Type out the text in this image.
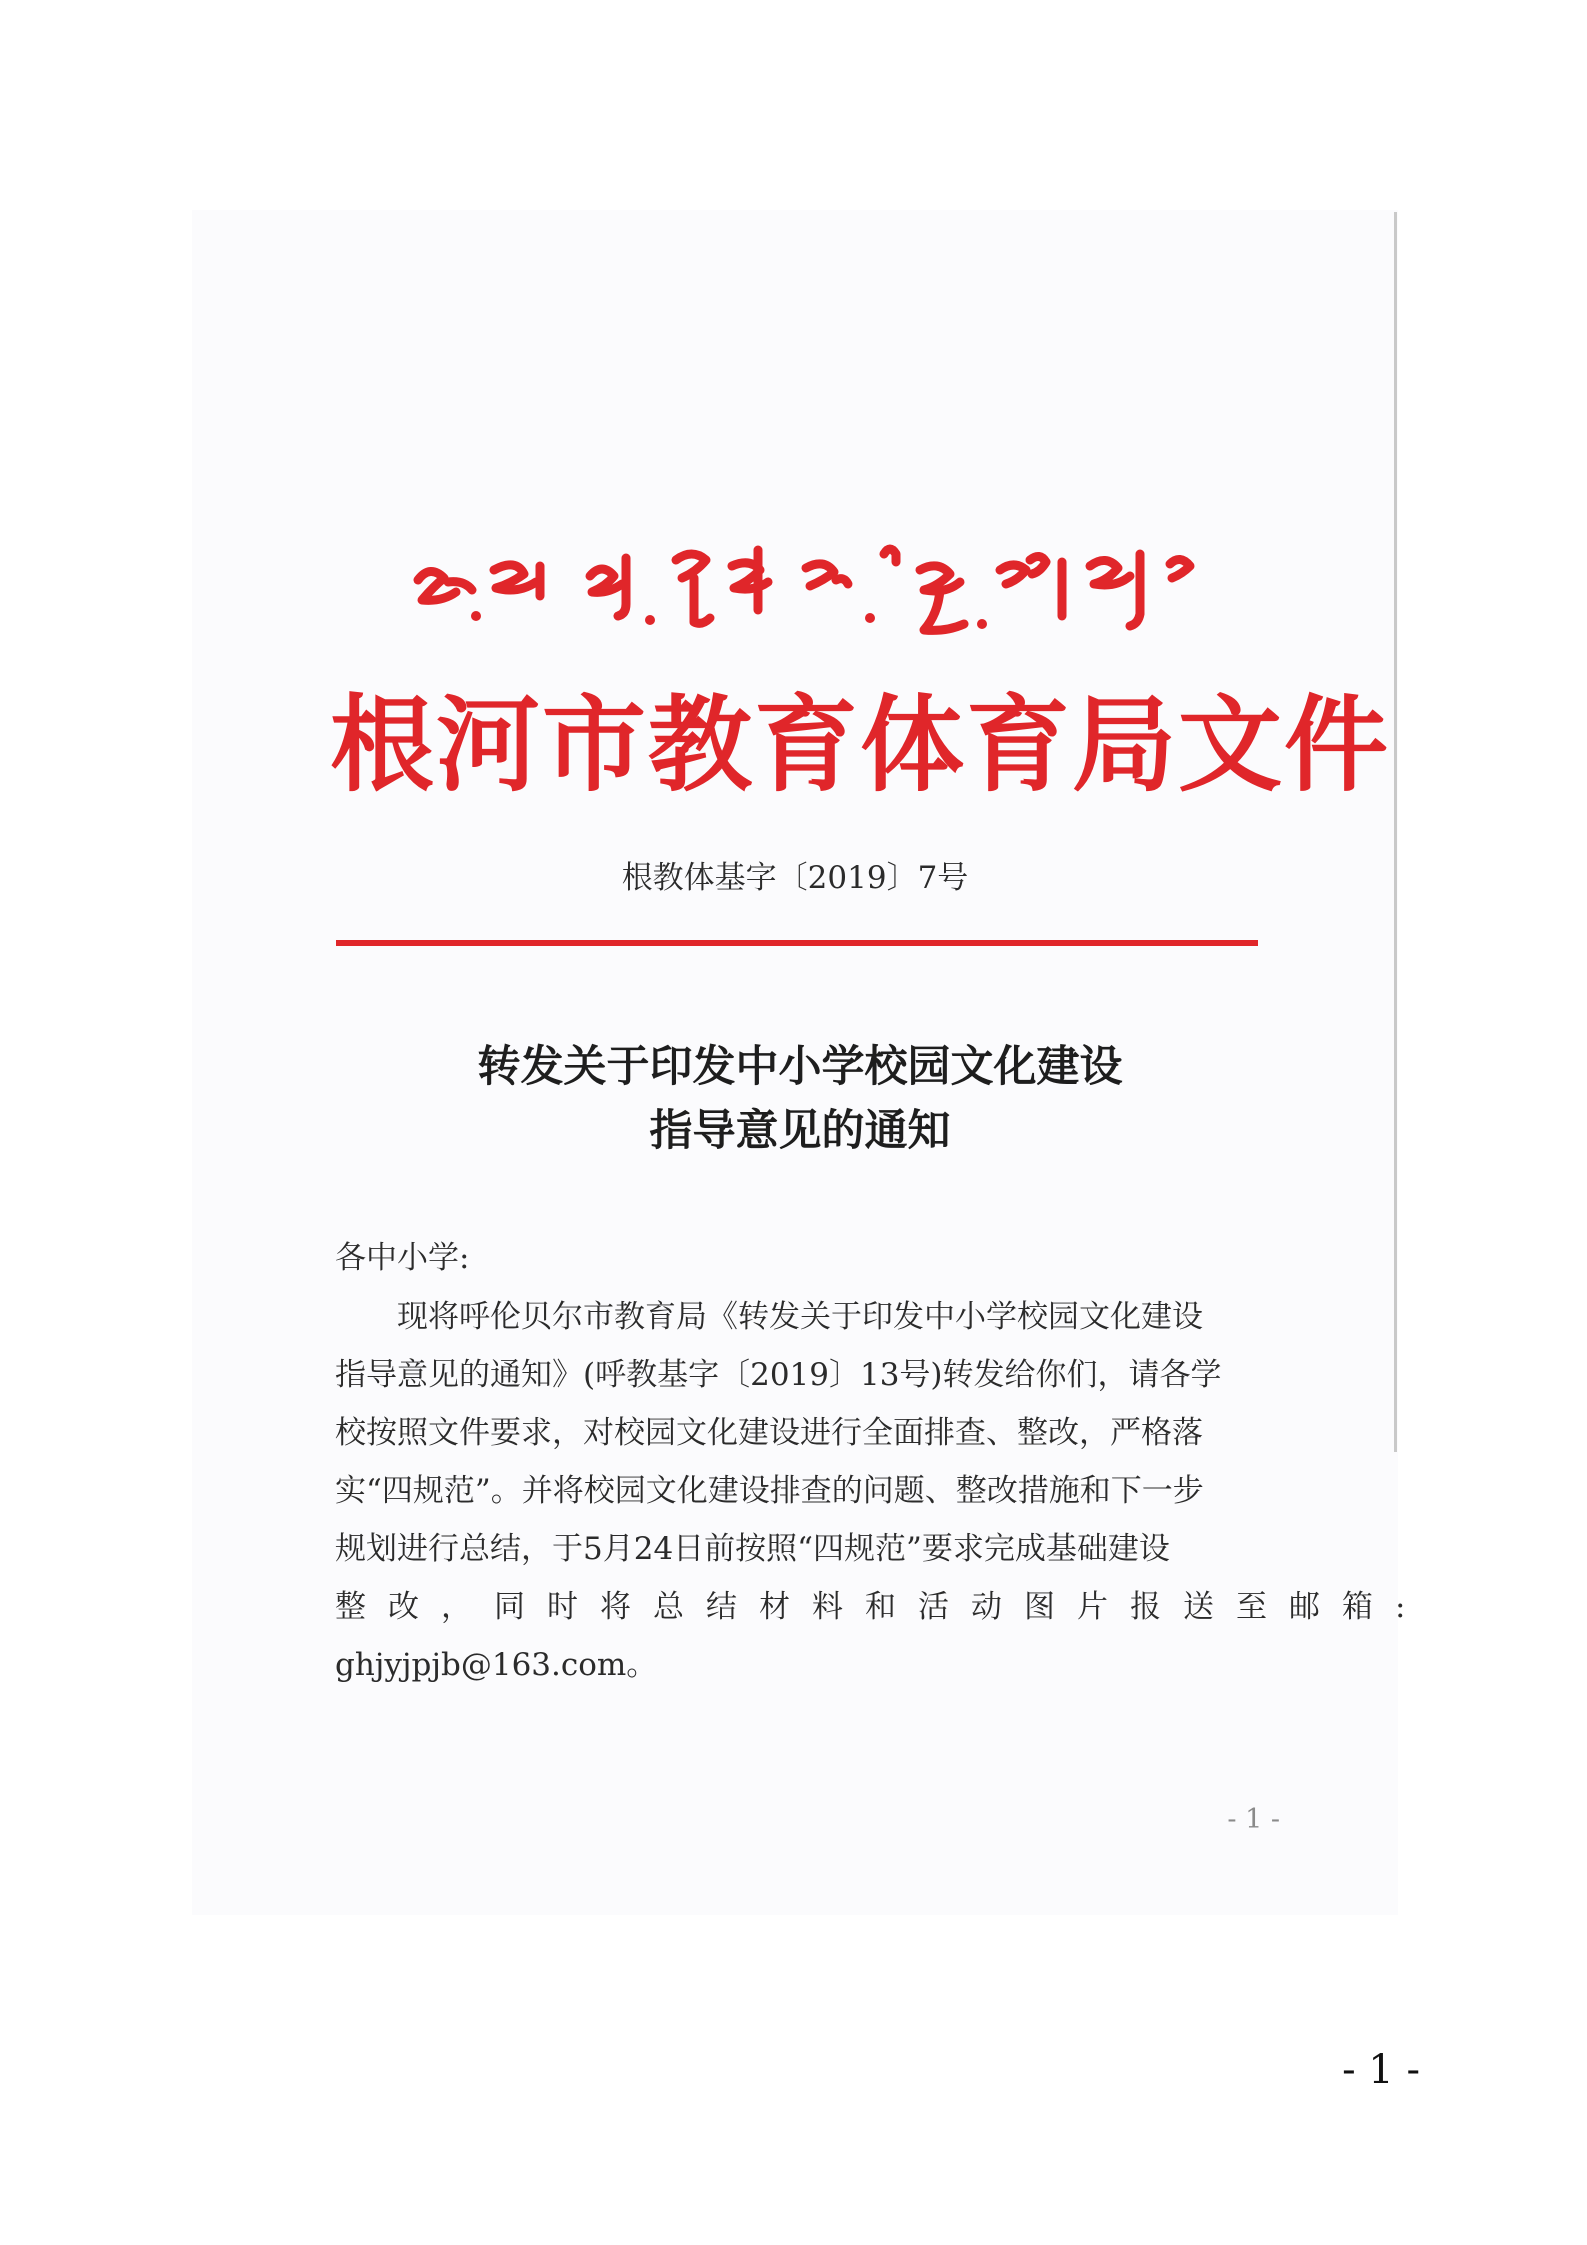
根河市教育体育局文件
根教体基字〔2019〕7号
转发关于印发中小学校园文化建设
指导意见的通知
各中小学:
现将呼伦贝尔市教育局《转发关于印发中小学校园文化建设
指导意见的通知》(呼教基字〔2019〕13号)转发给你们，请各学
校按照文件要求，对校园文化建设进行全面排查、整改，严格落
实“四规范”。并将校园文化建设排查的问题、整改措施和下一步
规划进行总结，于5月24日前按照“四规范”要求完成基础建设
整改，同时将总结材料和活动图片报送至邮箱:
ghjyjpjb@163.com。
- 1 -
- 1 -
